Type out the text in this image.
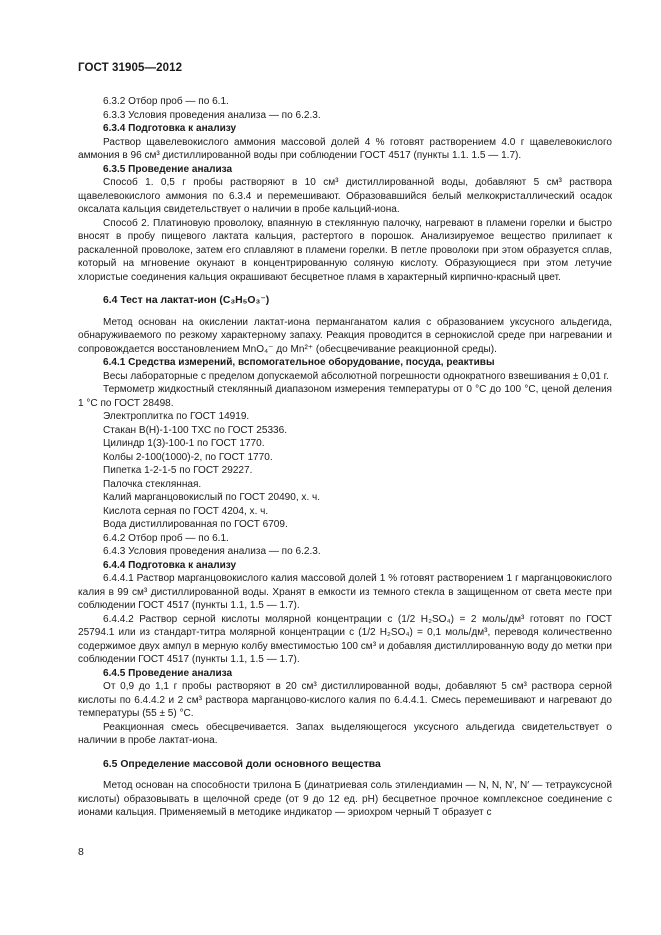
ГОСТ 31905—2012

6.3.2 Отбор проб — по 6.1.

6.3.3 Условия проведения анализа — по 6.2.3.

6.3.4 Подготовка к анализу

Раствор щавелевокислого аммония массовой долей 4 % готовят растворением 4.0 г щавелевокислого аммония в 96 см³ дистиллированной воды при соблюдении ГОСТ 4517 (пункты 1.1. 1.5 — 1.7).

6.3.5 Проведение анализа

Способ 1. 0,5 г пробы растворяют в 10 см³ дистиллированной воды, добавляют 5 см³ раствора щавелевокислого аммония по 6.3.4 и перемешивают. Образовавшийся белый мелкокристаллический осадок оксалата кальция свидетельствует о наличии в пробе кальций-иона.

Способ 2. Платиновую проволоку, впаянную в стеклянную палочку, нагревают в пламени горелки и быстро вносят в пробу пищевого лактата кальция, растертого в порошок. Анализируемое вещество прилипает к раскаленной проволоке, затем его сплавляют в пламени горелки. В петле проволоки при этом образуется сплав, который на мгновение окунают в концентрированную соляную кислоту. Образующиеся при этом летучие хлористые соединения кальция окрашивают бесцветное пламя в характерный кирпично-красный цвет.

6.4 Тест на лактат-ион (C₃H₅O₃⁻)

Метод основан на окислении лактат-иона перманганатом калия с образованием уксусного альдегида, обнаруживаемого по резкому характерному запаху. Реакция проводится в сернокислой среде при нагревании и сопровождается восстановлением MnO₄⁻ до Mn²⁺ (обесцвечивание реакционной среды).

6.4.1 Средства измерений, вспомогательное оборудование, посуда, реактивы

Весы лабораторные с пределом допускаемой абсолютной погрешности однократного взвешивания ± 0,01 г.

Термометр жидкостный стеклянный диапазоном измерения температуры от 0 °С до 100 °С, ценой деления 1 °С по ГОСТ 28498.

Электроплитка по ГОСТ 14919.

Стакан В(Н)-1-100 ТХС по ГОСТ 25336.

Цилиндр 1(3)-100-1 по ГОСТ 1770.

Колбы 2-100(1000)-2, по ГОСТ 1770.

Пипетка 1-2-1-5 по ГОСТ 29227.

Палочка стеклянная.

Калий марганцовокислый по ГОСТ 20490, х. ч.

Кислота серная по ГОСТ 4204, х. ч.

Вода дистиллированная по ГОСТ 6709.

6.4.2 Отбор проб — по 6.1.

6.4.3 Условия проведения анализа — по 6.2.3.

6.4.4 Подготовка к анализу

6.4.4.1 Раствор марганцовокислого калия массовой долей 1 % готовят растворением 1 г марганцовокислого калия в 99 см³ дистиллированной воды. Хранят в емкости из темного стекла в защищенном от света месте при соблюдении ГОСТ 4517 (пункты 1.1, 1.5 — 1.7).

6.4.4.2 Раствор серной кислоты молярной концентрации с (1/2 H₂SO₄) = 2 моль/дм³ готовят по ГОСТ 25794.1 или из стандарт-титра молярной концентрации с (1/2 H₂SO₄) = 0,1 моль/дм³, переводя количественно содержимое двух ампул в мерную колбу вместимостью 100 см³ и добавляя дистиллированную воду до метки при соблюдении ГОСТ 4517 (пункты 1.1, 1.5 — 1.7).

6.4.5 Проведение анализа

От 0,9 до 1,1 г пробы растворяют в 20 см³ дистиллированной воды, добавляют 5 см³ раствора серной кислоты по 6.4.4.2 и 2 см³ раствора марганцово-кислого калия по 6.4.4.1. Смесь перемешивают и нагревают до температуры (55 ± 5) °С.

Реакционная смесь обесцвечивается. Запах выделяющегося уксусного альдегида свидетельствует о наличии в пробе лактат-иона.

6.5 Определение массовой доли основного вещества

Метод основан на способности трилона Б (динатриевая соль этилендиамин — N, N, N′, N′ — тетрауксусной кислоты) образовывать в щелочной среде (от 9 до 12 ед. рН) бесцветное прочное комплексное соединение с ионами кальция. Применяемый в методике индикатор — эриохром черный Т образует с

8
